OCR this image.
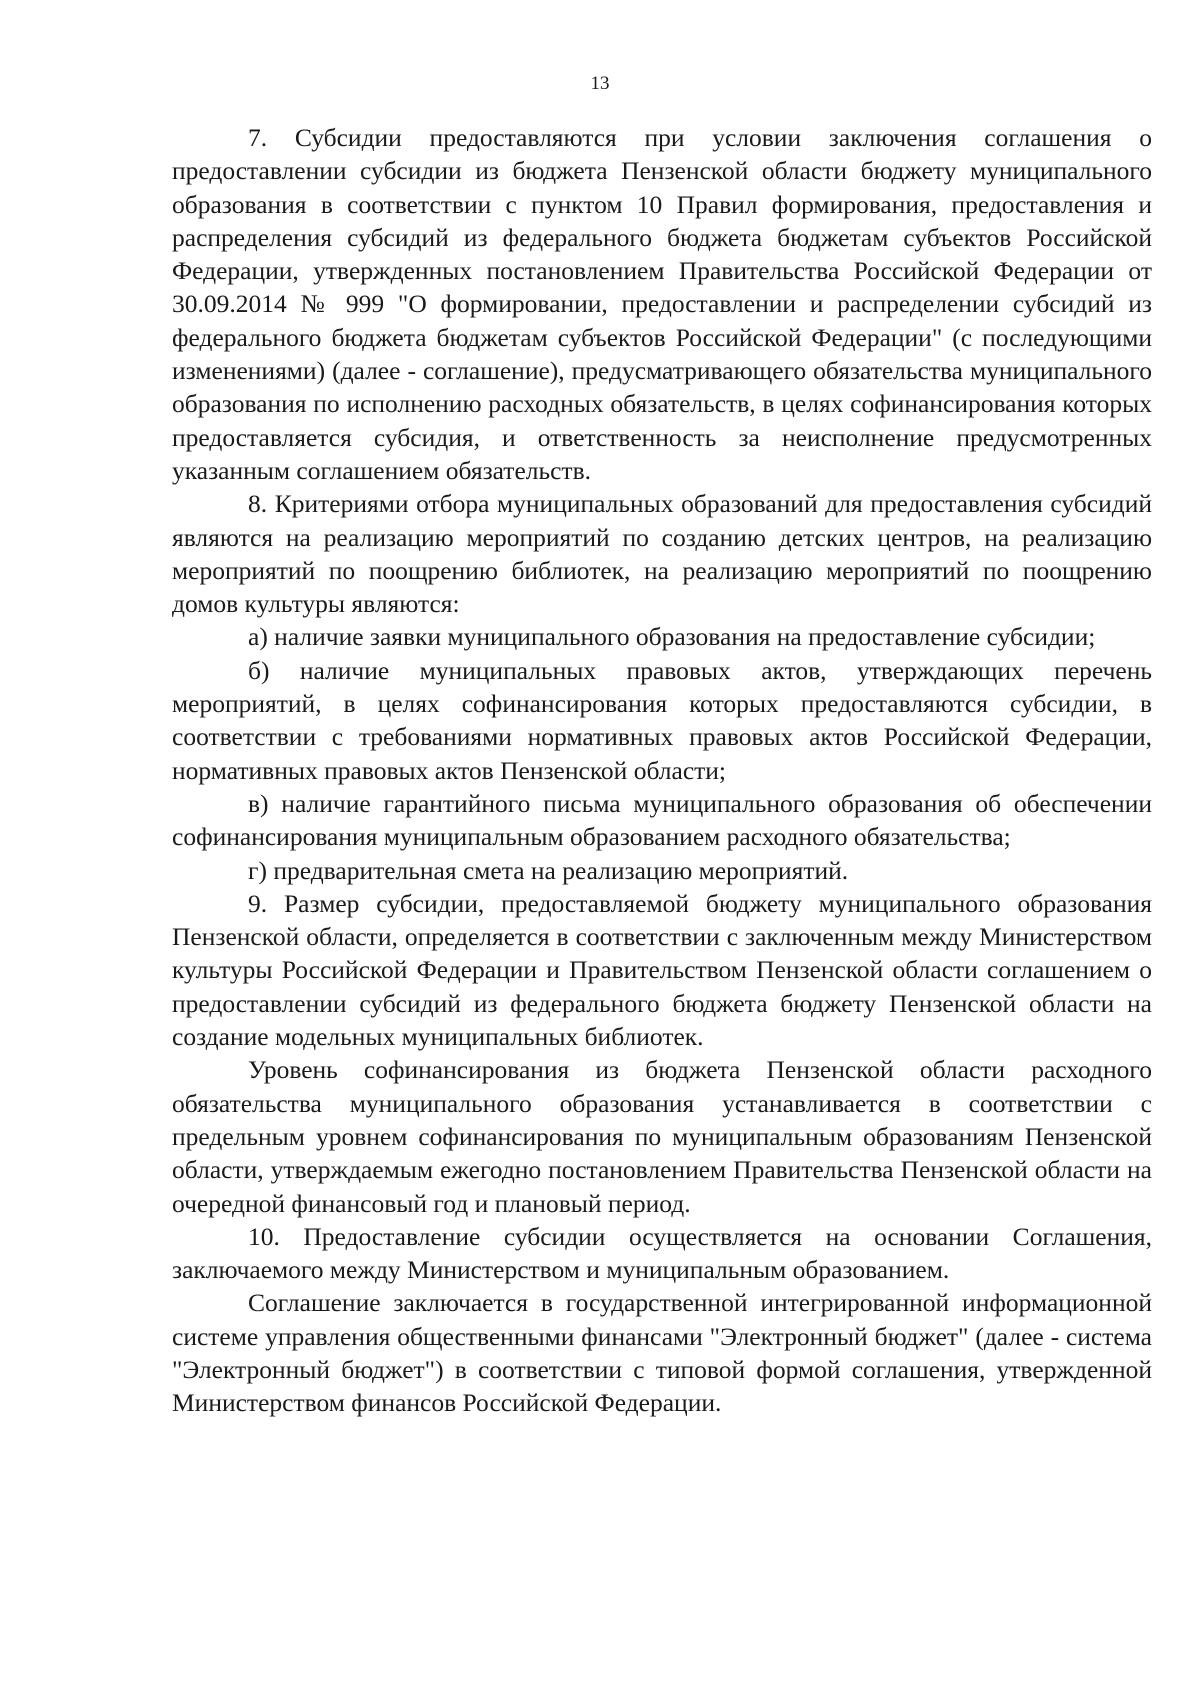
13

7. Субсидии предоставляются при условии заключения соглашения о предоставлении субсидии из бюджета Пензенской области бюджету муниципального образования в соответствии с пунктом 10 Правил формирования, предоставления и распределения субсидий из федерального бюджета бюджетам субъектов Российской Федерации, утвержденных постановлением Правительства Российской Федерации от 30.09.2014 № 999 "О формировании, предоставлении и распределении субсидий из федерального бюджета бюджетам субъектов Российской Федерации" (с последующими изменениями) (далее - соглашение), предусматривающего обязательства муниципального образования по исполнению расходных обязательств, в целях софинансирования которых предоставляется субсидия, и ответственность за неисполнение предусмотренных указанным соглашением обязательств.

8. Критериями отбора муниципальных образований для предоставления субсидий являются на реализацию мероприятий по созданию детских центров, на реализацию мероприятий по поощрению библиотек, на реализацию мероприятий по поощрению домов культуры являются:

а) наличие заявки муниципального образования на предоставление субсидии;

б) наличие муниципальных правовых актов, утверждающих перечень мероприятий, в целях софинансирования которых предоставляются субсидии, в соответствии с требованиями нормативных правовых актов Российской Федерации, нормативных правовых актов Пензенской области;

в) наличие гарантийного письма муниципального образования об обеспечении софинансирования муниципальным образованием расходного обязательства;

г) предварительная смета на реализацию мероприятий.

9. Размер субсидии, предоставляемой бюджету муниципального образования Пензенской области, определяется в соответствии с заключенным между Министерством культуры Российской Федерации и Правительством Пензенской области соглашением о предоставлении субсидий из федерального бюджета бюджету Пензенской области на создание модельных муниципальных библиотек.

Уровень софинансирования из бюджета Пензенской области расходного обязательства муниципального образования устанавливается в соответствии с предельным уровнем софинансирования по муниципальным образованиям Пензенской области, утверждаемым ежегодно постановлением Правительства Пензенской области на очередной финансовый год и плановый период.

10. Предоставление субсидии осуществляется на основании Соглашения, заключаемого между Министерством и муниципальным образованием.

Соглашение заключается в государственной интегрированной информационной системе управления общественными финансами "Электронный бюджет" (далее - система "Электронный бюджет") в соответствии с типовой формой соглашения, утвержденной Министерством финансов Российской Федерации.
